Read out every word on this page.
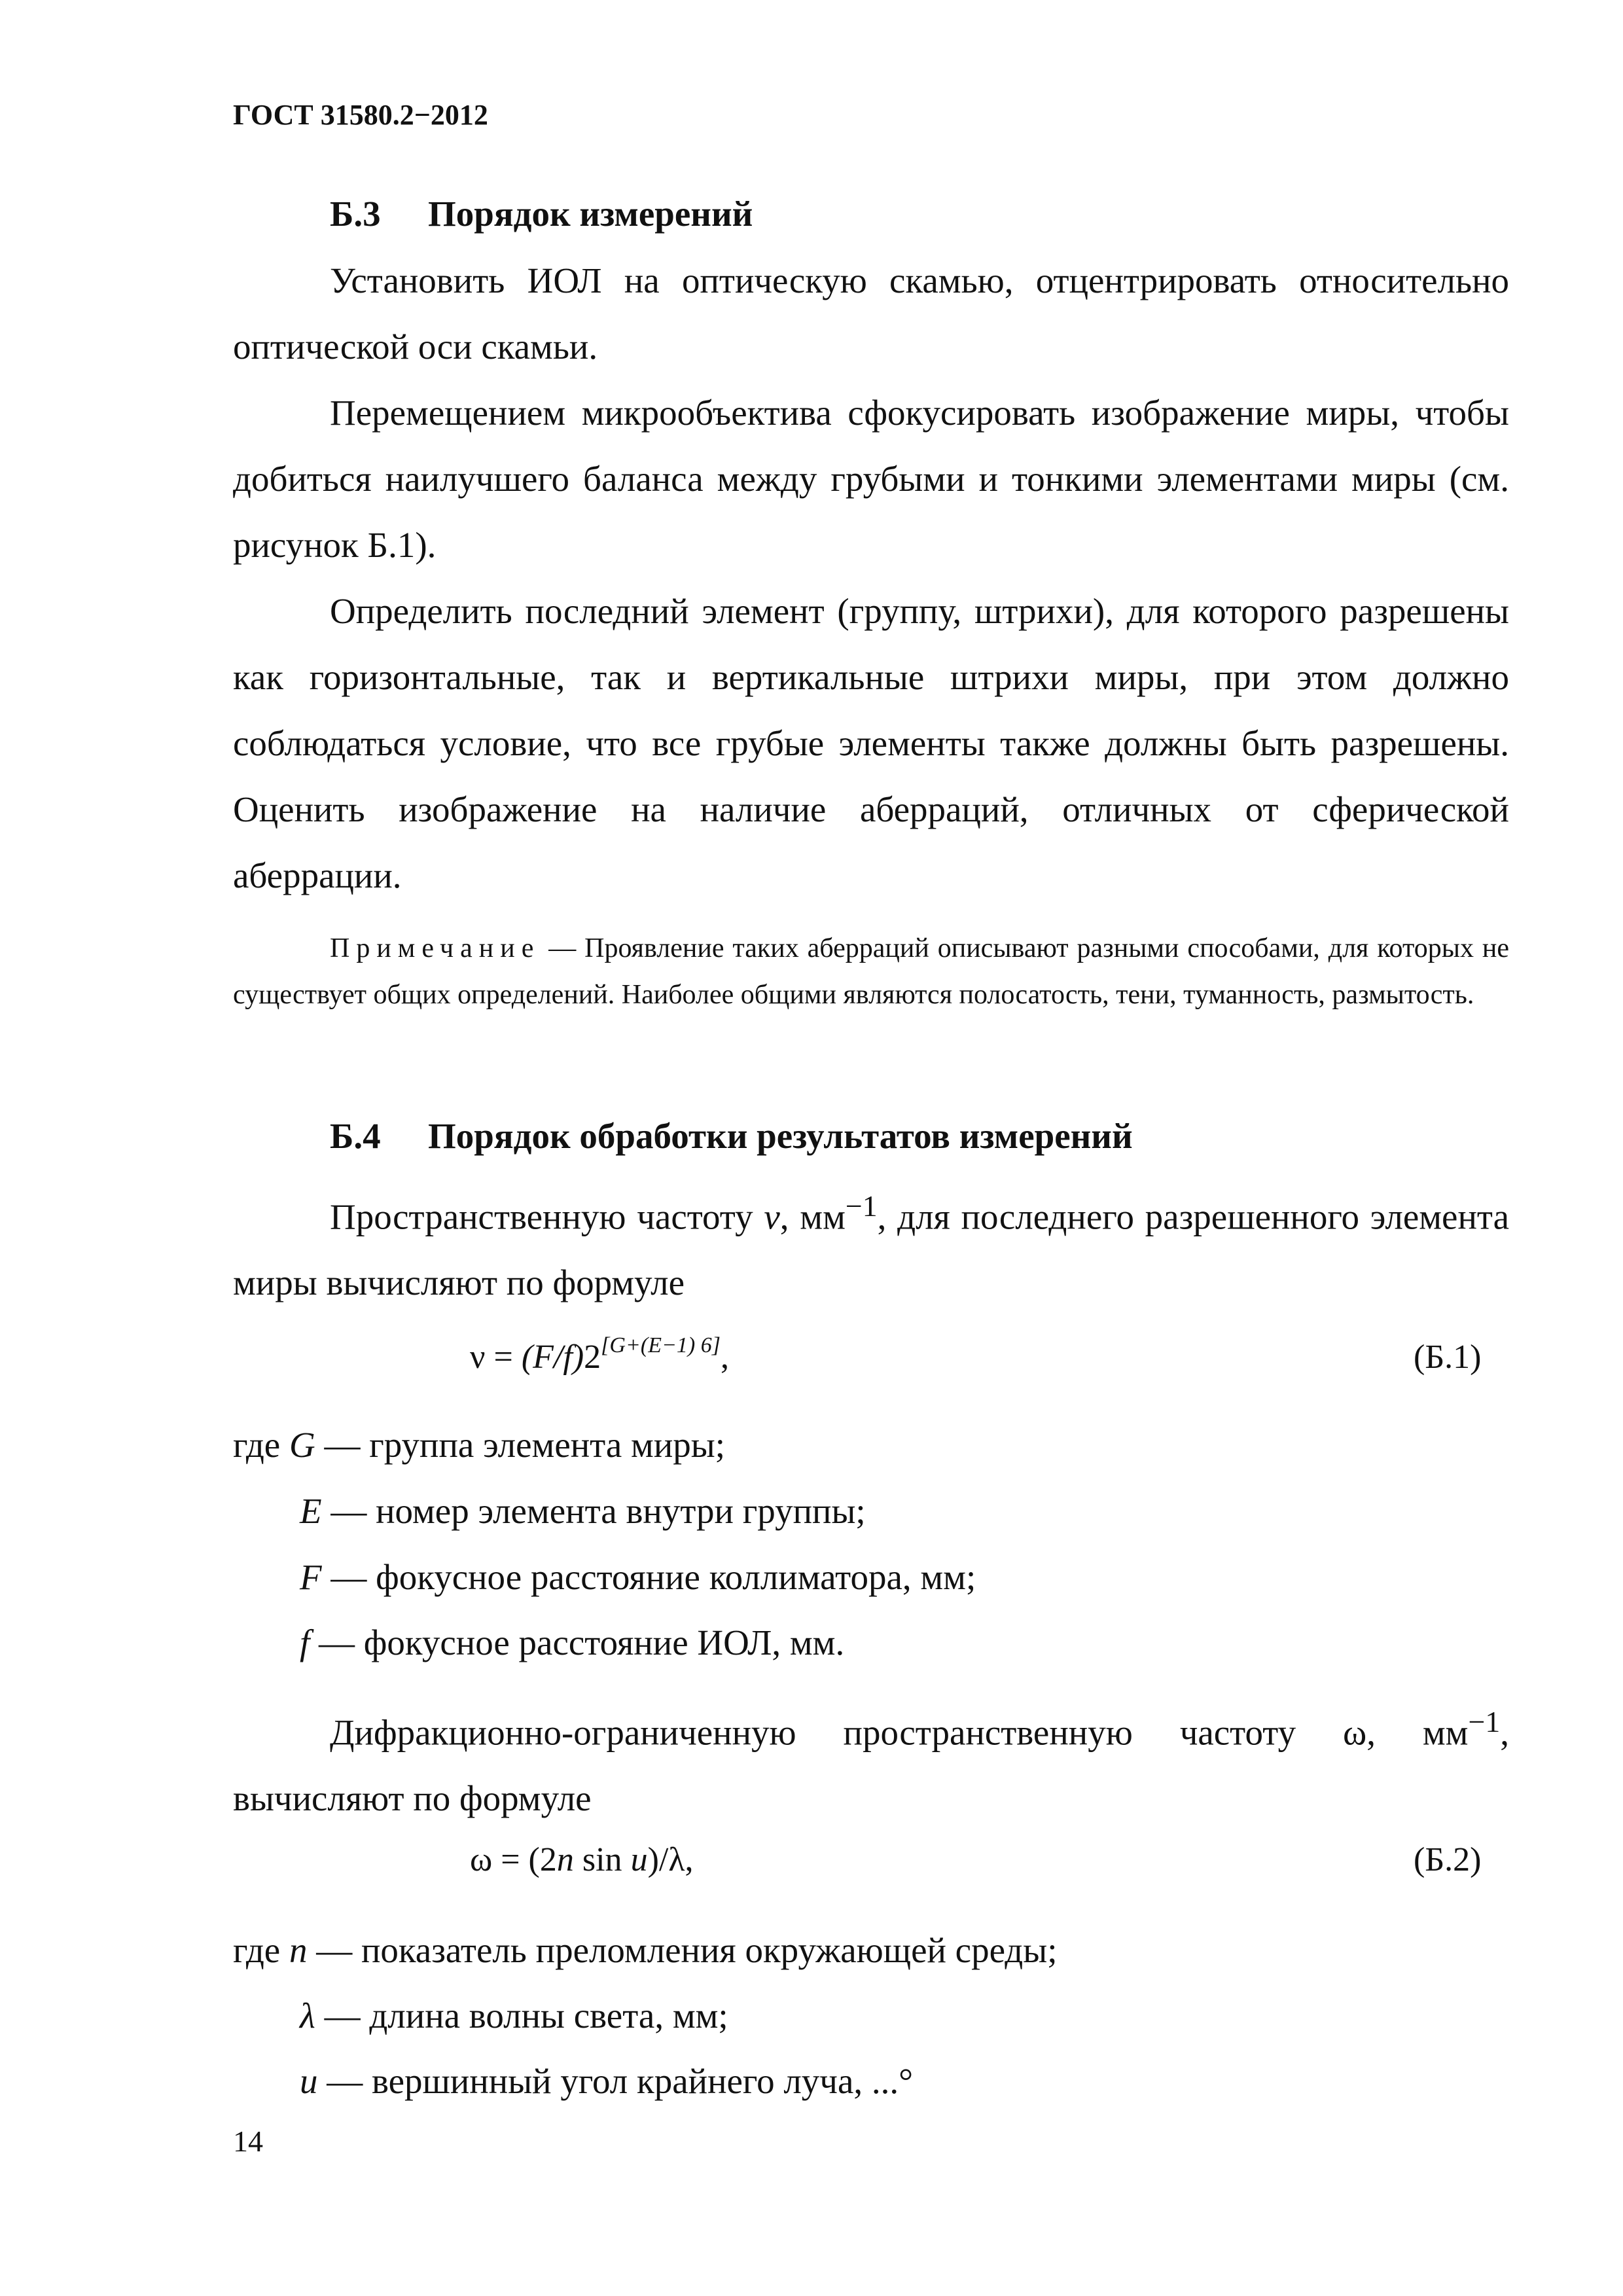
ГОСТ 31580.2−2012
Б.3 Порядок измерений
Установить ИОЛ на оптическую скамью, отцентрировать относительно оптической оси скамьи.
Перемещением микрообъектива сфокусировать изображение миры, чтобы добиться наилучшего баланса между грубыми и тонкими элементами миры (см. рисунок Б.1).
Определить последний элемент (группу, штрихи), для которого разрешены как горизонтальные, так и вертикальные штрихи миры, при этом должно соблюдаться условие, что все грубые элементы также должны быть разрешены. Оценить изображение на наличие аберраций, отличных от сферической аберрации.
Примечание — Проявление таких аберраций описывают разными способами, для которых не существует общих определений. Наиболее общими являются полосатость, тени, туманность, размытость.
Б.4 Порядок обработки результатов измерений
Пространственную частоту v, $мм^{-1}$, для последнего разрешенного элемента миры вычисляют по формуле
ν = (F/f)2[G+(E−1) 6],	(Б.1)
где G — группа элемента миры;
E — номер элемента внутри группы;
F — фокусное расстояние коллиматора, мм;
f — фокусное расстояние ИОЛ, мм.
Дифракционно-ограниченную пространственную частоту ω, $мм^{-1}$, вычисляют по формуле
ω = (2n sin u)/λ,	(Б.2)
где n — показатель преломления окружающей среды;
λ — длина волны света, мм;
u — вершинный угол крайнего луча, ...°
14
